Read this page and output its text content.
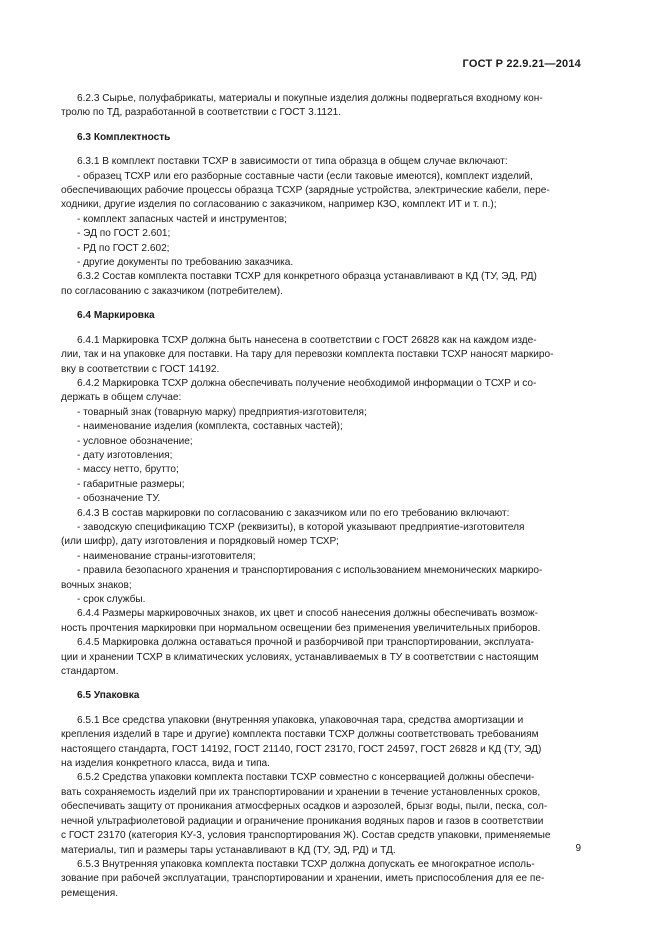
ГОСТ Р 22.9.21—2014

6.2.3 Сырье, полуфабрикаты, материалы и покупные изделия должны подвергаться входному кон-

тролю по ТД, разработанной в соответствии с ГОСТ 3.1121.

6.3 Комплектность

6.3.1 В комплект поставки ТСХР в зависимости от типа образца в общем случае включают:

- образец ТСХР или его разборные составные части (если таковые имеются), комплект изделий,

обеспечивающих рабочие процессы образца ТСХР (зарядные устройства, электрические кабели, пере-

ходники, другие изделия по согласованию с заказчиком, например КЗО, комплект ИТ и т. п.);

- комплект запасных частей и инструментов;

- ЭД по ГОСТ 2.601;

- РД по ГОСТ 2.602;

- другие документы по требованию заказчика.

6.3.2 Состав комплекта поставки ТСХР для конкретного образца устанавливают в КД (ТУ, ЭД, РД)

по согласованию с заказчиком (потребителем).

6.4 Маркировка

6.4.1 Маркировка ТСХР должна быть нанесена в соответствии с ГОСТ 26828 как на каждом изде-

лии, так и на упаковке для поставки. На тару для перевозки комплекта поставки ТСХР наносят маркиро-

вку в соответствии с ГОСТ 14192.

6.4.2 Маркировка ТСХР должна обеспечивать получение необходимой информации о ТСХР и со-

держать в общем случае:

- товарный знак (товарную марку) предприятия-изготовителя;

- наименование изделия (комплекта, составных частей);

- условное обозначение;

- дату изготовления;

- массу нетто, брутто;

- габаритные размеры;

- обозначение ТУ.

6.4.3 В состав маркировки по согласованию с заказчиком или по его требованию включают:

- заводскую спецификацию ТСХР (реквизиты), в которой указывают предприятие-изготовителя

(или шифр), дату изготовления и порядковый номер ТСХР;

- наименование страны-изготовителя;

- правила безопасного хранения и транспортирования с использованием мнемонических маркиро-

вочных знаков;

- срок службы.

6.4.4 Размеры маркировочных знаков, их цвет и способ нанесения должны обеспечивать возмож-

ность прочтения маркировки при нормальном освещении без применения увеличительных приборов.

6.4.5 Маркировка должна оставаться прочной и разборчивой при транспортировании, эксплуата-

ции и хранении ТСХР в климатических условиях, устанавливаемых в ТУ в соответствии с настоящим

стандартом.

6.5 Упаковка

6.5.1 Все средства упаковки (внутренняя упаковка, упаковочная тара, средства амортизации и

крепления изделий в таре и другие) комплекта поставки ТСХР должны соответствовать требованиям

настоящего стандарта, ГОСТ 14192, ГОСТ 21140, ГОСТ 23170, ГОСТ 24597, ГОСТ 26828 и КД (ТУ, ЭД)

на изделия конкретного класса, вида и типа.

6.5.2 Средства упаковки комплекта поставки ТСХР совместно с консервацией должны обеспечи-

вать сохраняемость изделий при их транспортировании и хранении в течение установленных сроков,

обеспечивать защиту от проникания атмосферных осадков и аэрозолей, брызг воды, пыли, песка, сол-

нечной ультрафиолетовой радиации и ограничение проникания водяных паров и газов в соответствии

с ГОСТ 23170 (категория КУ-3, условия транспортирования Ж). Состав средств упаковки, применяемые

материалы, тип и размеры тары устанавливают в КД (ТУ, ЭД, РД) и ТД.

6.5.3 Внутренняя упаковка комплекта поставки ТСХР должна допускать ее многократное исполь-

зование при рабочей эксплуатации, транспортировании и хранении, иметь приспособления для ее пе-

ремещения.

9
